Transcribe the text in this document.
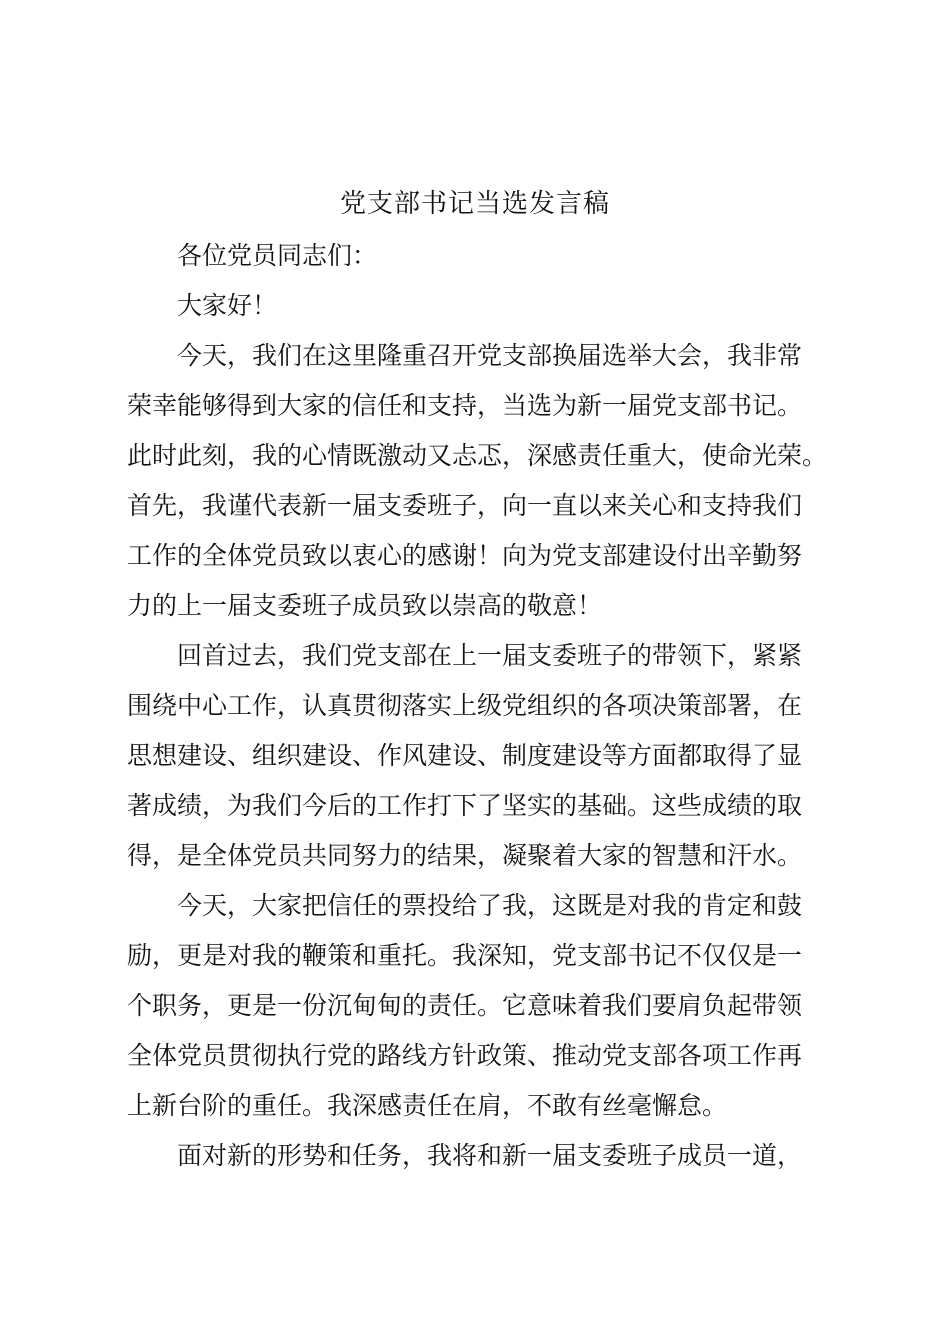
党支部书记当选发言稿
各位党员同志们：
大家好！
今天，我们在这里隆重召开党支部换届选举大会，我非常
荣幸能够得到大家的信任和支持，当选为新一届党支部书记。
此时此刻，我的心情既激动又忐忑，深感责任重大，使命光荣。
首先，我谨代表新一届支委班子，向一直以来关心和支持我们
工作的全体党员致以衷心的感谢！向为党支部建设付出辛勤努
力的上一届支委班子成员致以崇高的敬意！
回首过去，我们党支部在上一届支委班子的带领下，紧紧
围绕中心工作，认真贯彻落实上级党组织的各项决策部署，在
思想建设、组织建设、作风建设、制度建设等方面都取得了显
著成绩，为我们今后的工作打下了坚实的基础。这些成绩的取
得，是全体党员共同努力的结果，凝聚着大家的智慧和汗水。
今天，大家把信任的票投给了我，这既是对我的肯定和鼓
励，更是对我的鞭策和重托。我深知，党支部书记不仅仅是一
个职务，更是一份沉甸甸的责任。它意味着我们要肩负起带领
全体党员贯彻执行党的路线方针政策、推动党支部各项工作再
上新台阶的重任。我深感责任在肩，不敢有丝毫懈怠。
面对新的形势和任务，我将和新一届支委班子成员一道，
